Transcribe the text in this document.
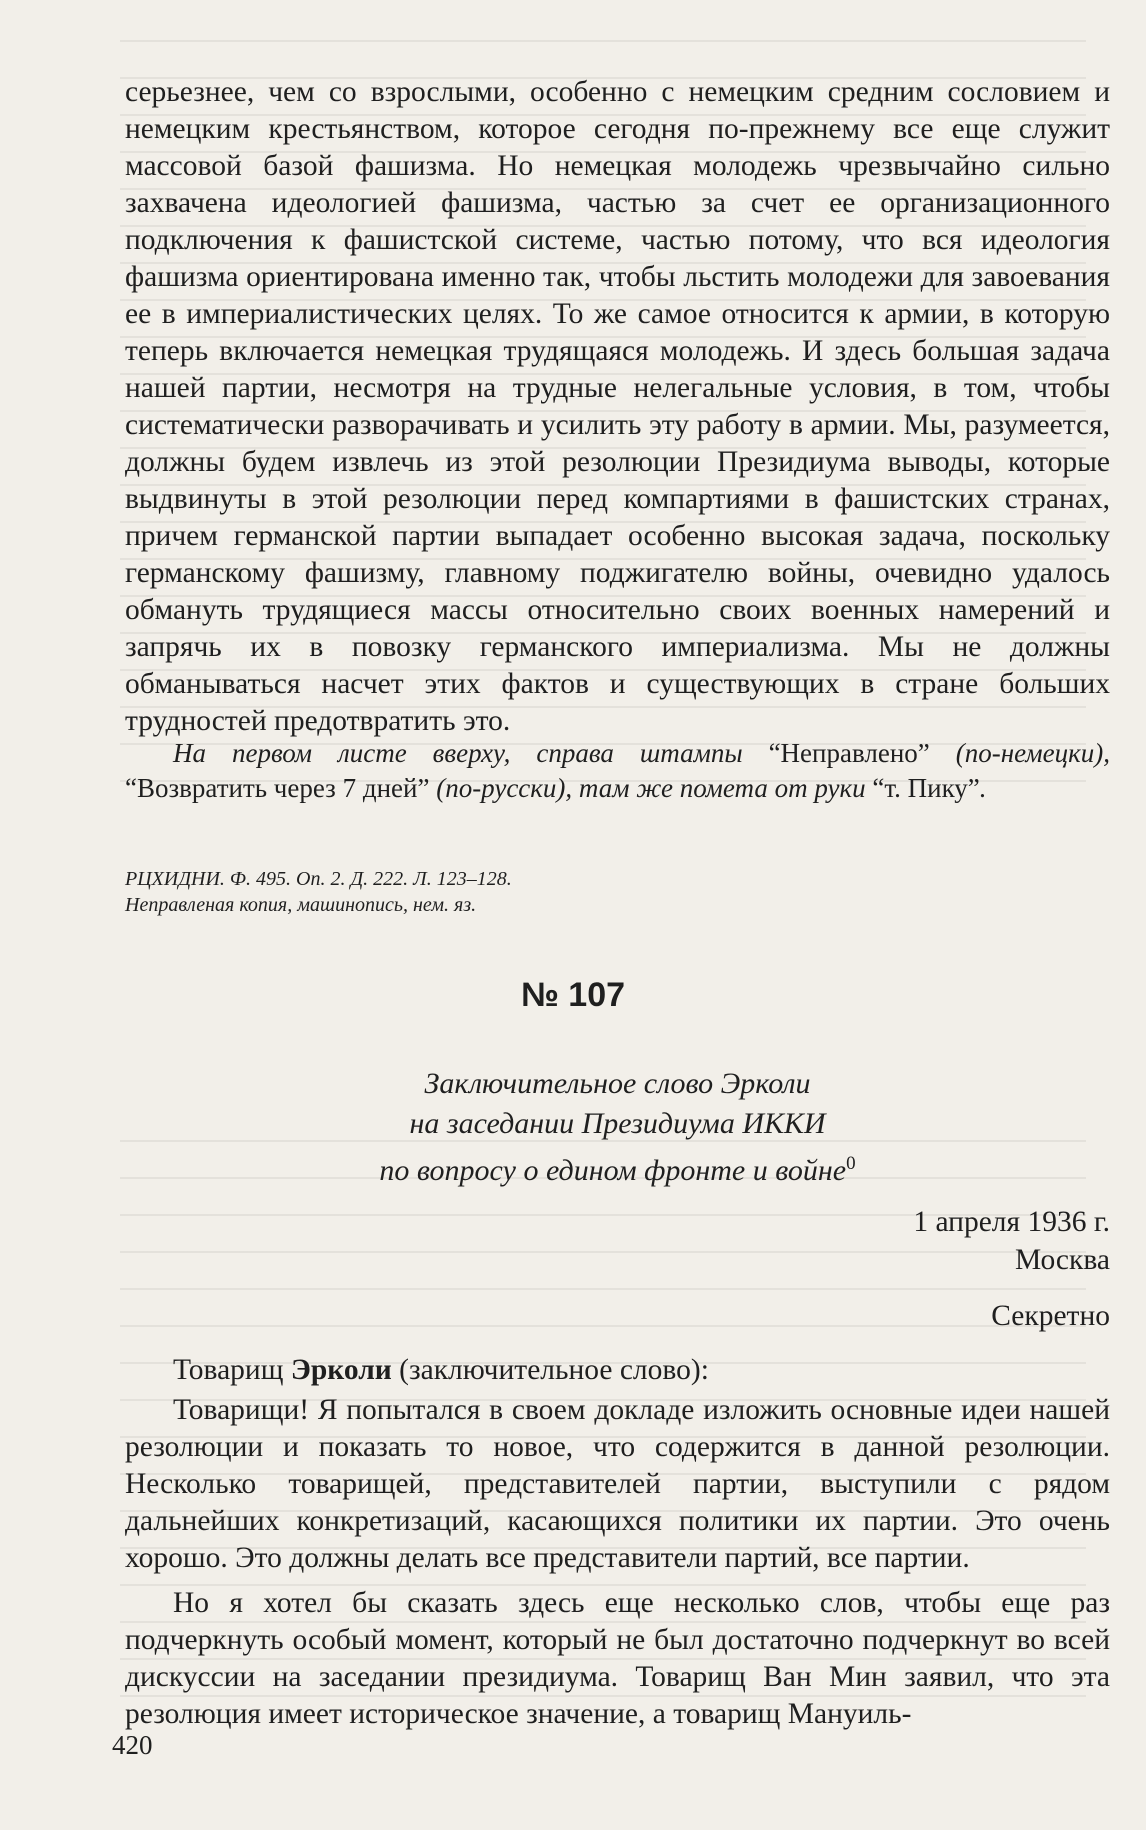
серьезнее, чем со взрослыми, особенно с немецким средним сословием и немецким крестьянством, которое сегодня по-прежнему все еще служит массовой базой фашизма. Но немецкая молодежь чрезвычайно сильно захвачена идеологией фашизма, частью за счет ее организационного подключения к фашистской системе, частью потому, что вся идеология фашизма ориентирована именно так, чтобы льстить молодежи для завоевания ее в империалистических целях. То же самое относится к армии, в которую теперь включается немецкая трудящаяся молодежь. И здесь большая задача нашей партии, несмотря на трудные нелегальные условия, в том, чтобы систематически разворачивать и усилить эту работу в армии. Мы, разумеется, должны будем извлечь из этой резолюции Президиума выводы, которые выдвинуты в этой резолюции перед компартиями в фашистских странах, причем германской партии выпадает особенно высокая задача, поскольку германскому фашизму, главному поджигателю войны, очевидно удалось обмануть трудящиеся массы относительно своих военных намерений и запрячь их в повозку германского империализма. Мы не должны обманываться насчет этих фактов и существующих в стране больших трудностей предотвратить это.

На первом листе вверху, справа штампы “Неправлено” (по-немецки), “Возвратить через 7 дней” (по-русски), там же помета от руки “т. Пику”.
РЦХИДНИ. Ф. 495. Оп. 2. Д. 222. Л. 123–128.
Неправленая копия, машинопись, нем. яз.
№ 107
Заключительное слово Эрколи
на заседании Президиума ИККИ
по вопросу о едином фронте и войне$^0$
1 апреля 1936 г.
Москва
Секретно
Товарищ Эрколи (заключительное слово):

Товарищи! Я попытался в своем докладе изложить основные идеи нашей резолюции и показать то новое, что содержится в данной резолюции. Несколько товарищей, представителей партии, выступили с рядом дальнейших конкретизаций, касающихся политики их партии. Это очень хорошо. Это должны делать все представители партий, все партии.

Но я хотел бы сказать здесь еще несколько слов, чтобы еще раз подчеркнуть особый момент, который не был достаточно подчеркнут во всей дискуссии на заседании президиума. Товарищ Ван Мин заявил, что эта резолюция имеет историческое значение, а товарищ Мануиль-

420
